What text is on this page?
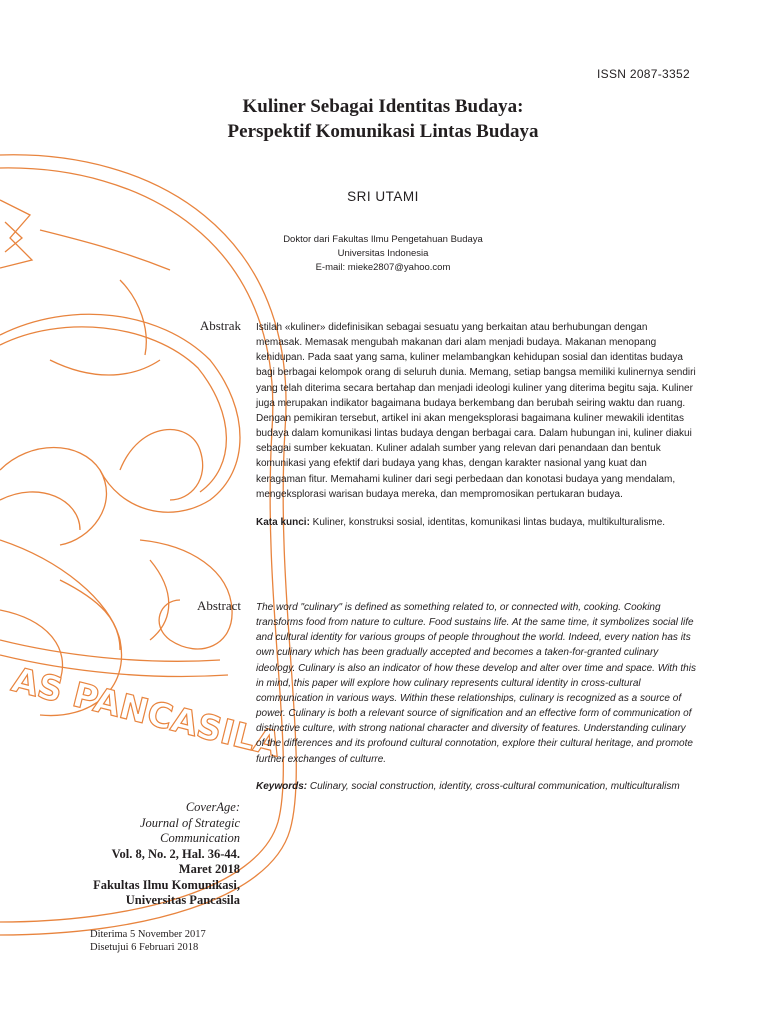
AS PANCASILA
ISSN 2087-3352
Kuliner Sebagai Identitas Budaya:
Perspektif Komunikasi Lintas Budaya
SRI UTAMI
Doktor dari Fakultas Ilmu Pengetahuan Budaya
Universitas Indonesia
E-mail: mieke2807@yahoo.com
Abstrak Istilah «kuliner» didefinisikan sebagai sesuatu yang berkaitan atau berhubungan dengan memasak. Memasak mengubah makanan dari alam menjadi budaya. Makanan menopang kehidupan. Pada saat yang sama, kuliner melambangkan kehidupan sosial dan identitas budaya bagi berbagai kelompok orang di seluruh dunia. Memang, setiap bangsa memiliki kulinernya sendiri yang telah diterima secara bertahap dan menjadi ideologi kuliner yang diterima begitu saja. Kuliner juga merupakan indikator bagaimana budaya berkembang dan berubah seiring waktu dan ruang. Dengan pemikiran tersebut, artikel ini akan mengeksplorasi bagaimana kuliner mewakili identitas budaya dalam komunikasi lintas budaya dengan berbagai cara. Dalam hubungan ini, kuliner diakui sebagai sumber kekuatan. Kuliner adalah sumber yang relevan dari penandaan dan bentuk komunikasi yang efektif dari budaya yang khas, dengan karakter nasional yang kuat dan keragaman fitur. Memahami kuliner dari segi perbedaan dan konotasi budaya yang mendalam, mengeksplorasi warisan budaya mereka, dan mempromosikan pertukaran budaya.
Kata kunci: Kuliner, konstruksi sosial, identitas, komunikasi lintas budaya, multikulturalisme.
Abstract The word "culinary" is defined as something related to, or connected with, cooking. Cooking transforms food from nature to culture. Food sustains life. At the same time, it symbolizes social life and cultural identity for various groups of people throughout the world. Indeed, every nation has its own culinary which has been gradually accepted and becomes a taken-for-granted culinary ideology. Culinary is also an indicator of how these develop and alter over time and space. With this in mind, this paper will explore how culinary represents cultural identity in cross-cultural communication in various ways. Within these relationships, culinary is recognized as a source of power. Culinary is both a relevant source of signification and an effective form of communication of distinctive culture, with strong national character and diversity of features. Understanding culinary of the differences and its profound cultural connotation, explore their cultural heritage, and promote further exchanges of culturre.
Keywords: Culinary, social construction, identity, cross-cultural communication, multiculturalism
CoverAge:
Journal of Strategic
Communication
Vol. 8, No. 2, Hal. 36-44.
Maret 2018
Fakultas Ilmu Komunikasi,
Universitas Pancasila
Diterima 5 November 2017
Disetujui 6 Februari 2018
